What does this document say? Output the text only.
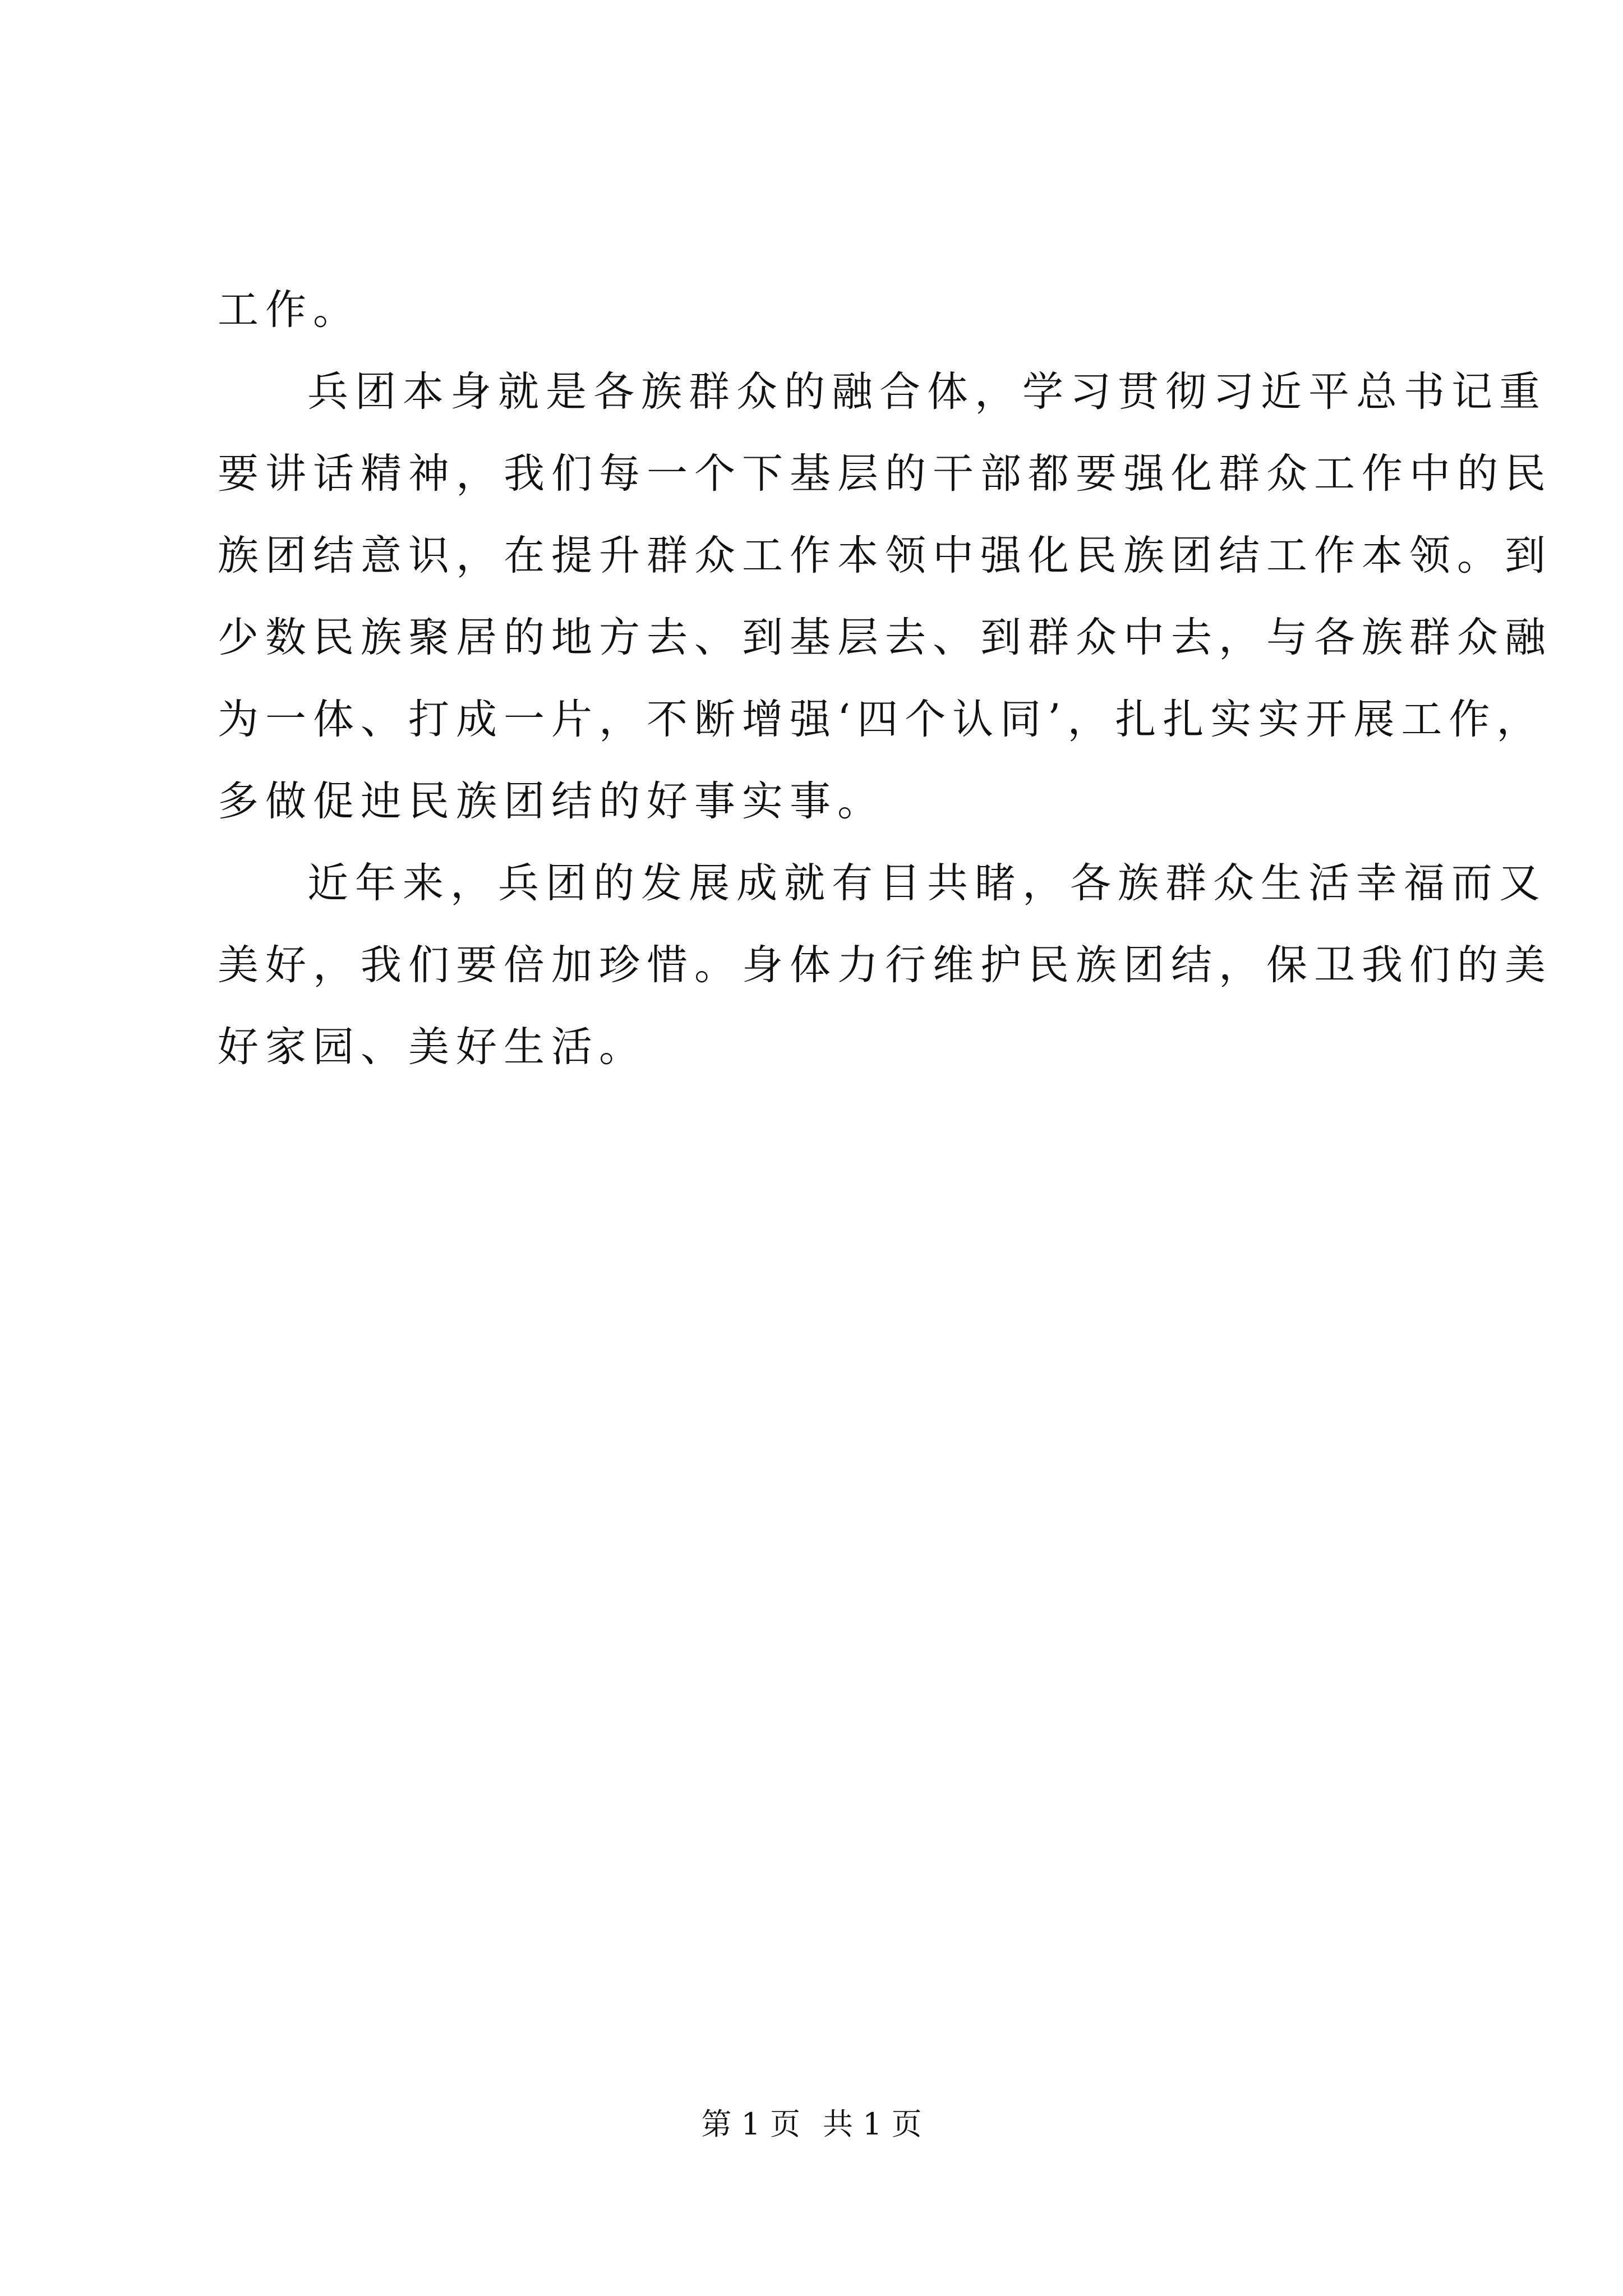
工作。
兵团本身就是各族群众的融合体，学习贯彻习近平总书记重
要讲话精神，我们每一个下基层的干部都要强化群众工作中的民
族团结意识，在提升群众工作本领中强化民族团结工作本领。到
少数民族聚居的地方去、到基层去、到群众中去，与各族群众融
为一体、打成一片，不断增强‘四个认同’，扎扎实实开展工作，
多做促迚民族团结的好事实事。
近年来，兵团的发展成就有目共睹，各族群众生活幸福而又
美好，我们要倍加珍惜。身体力行维护民族团结，保卫我们的美
好家园、美好生活。
第 1 页 共 1 页
